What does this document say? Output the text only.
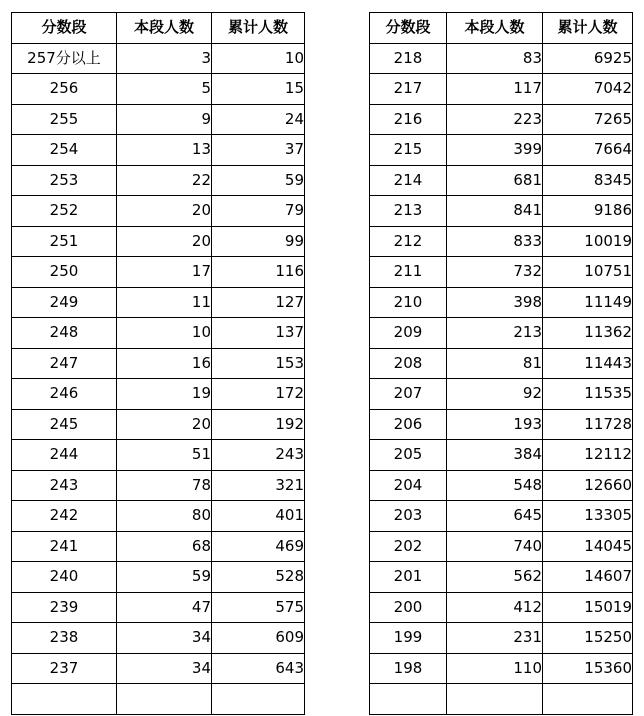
分数段	本段人数	累计人数
257分以上	3	10
256	5	15
255	9	24
254	13	37
253	22	59
252	20	79
251	20	99
250	17	116
249	11	127
248	10	137
247	16	153
246	19	172
245	20	192
244	51	243
243	78	321
242	80	401
241	68	469
240	59	528
239	47	575
238	34	609
237	34	643

分数段	本段人数	累计人数
218	83	6925
217	117	7042
216	223	7265
215	399	7664
214	681	8345
213	841	9186
212	833	10019
211	732	10751
210	398	11149
209	213	11362
208	81	11443
207	92	11535
206	193	11728
205	384	12112
204	548	12660
203	645	13305
202	740	14045
201	562	14607
200	412	15019
199	231	15250
198	110	15360
